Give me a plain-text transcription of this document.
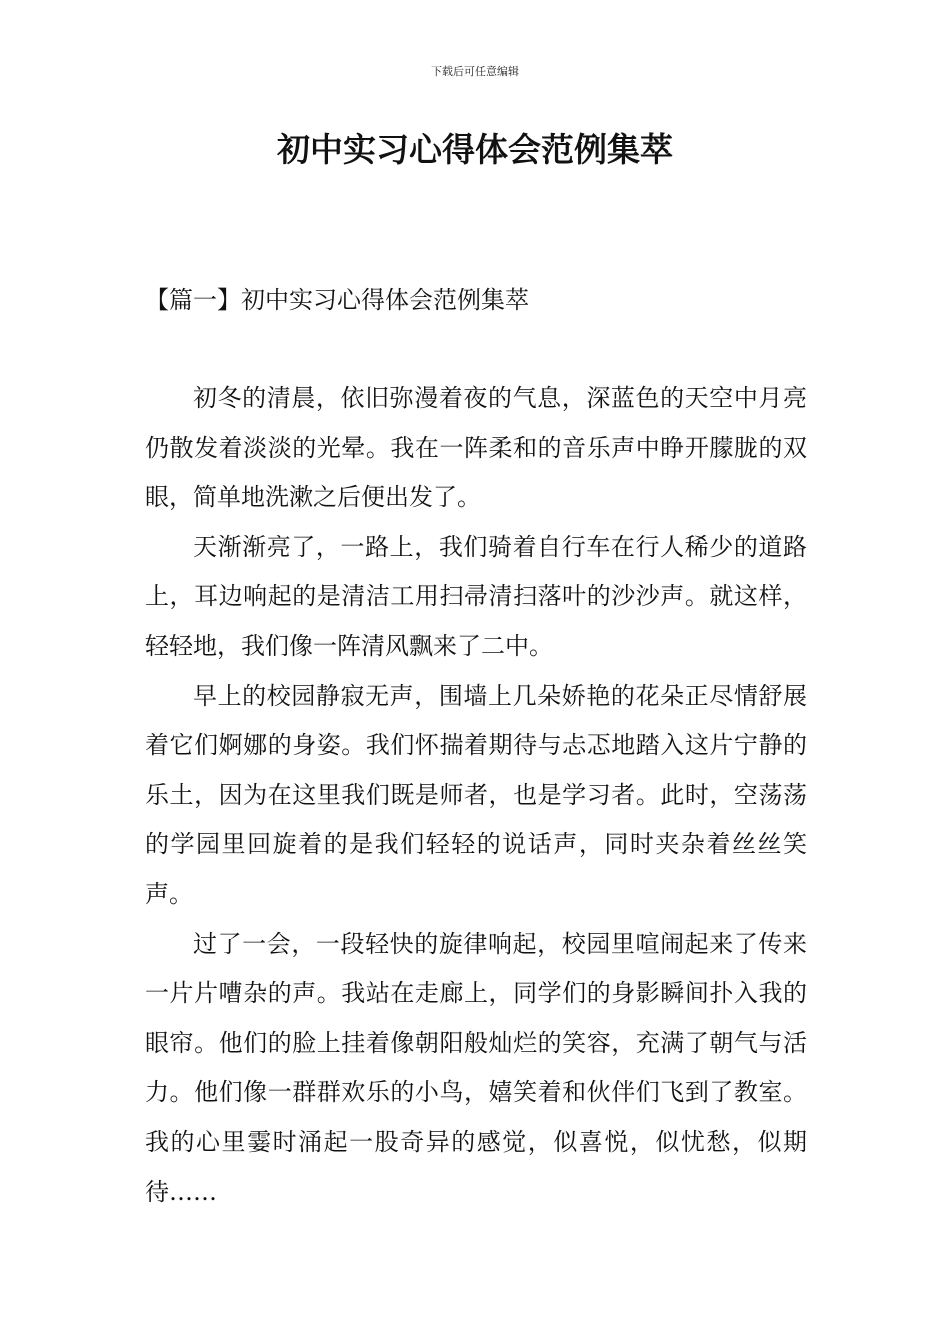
下载后可任意编辑
初中实习心得体会范例集萃
【篇一】初中实习心得体会范例集萃

初冬的清晨，依旧弥漫着夜的气息，深蓝色的天空中月亮仍散发着淡淡的光晕。我在一阵柔和的音乐声中睁开朦胧的双眼，简单地洗漱之后便出发了。

天渐渐亮了，一路上，我们骑着自行车在行人稀少的道路上，耳边响起的是清洁工用扫帚清扫落叶的沙沙声。就这样，轻轻地，我们像一阵清风飘来了二中。

早上的校园静寂无声，围墙上几朵娇艳的花朵正尽情舒展着它们婀娜的身姿。我们怀揣着期待与忐忑地踏入这片宁静的乐土，因为在这里我们既是师者，也是学习者。此时，空荡荡的学园里回旋着的是我们轻轻的说话声，同时夹杂着丝丝笑声。

过了一会，一段轻快的旋律响起，校园里喧闹起来了传来一片片嘈杂的声。我站在走廊上，同学们的身影瞬间扑入我的眼帘。他们的脸上挂着像朝阳般灿烂的笑容，充满了朝气与活力。他们像一群群欢乐的小鸟，嬉笑着和伙伴们飞到了教室。我的心里霎时涌起一股奇异的感觉，似喜悦，似忧愁，似期待……
